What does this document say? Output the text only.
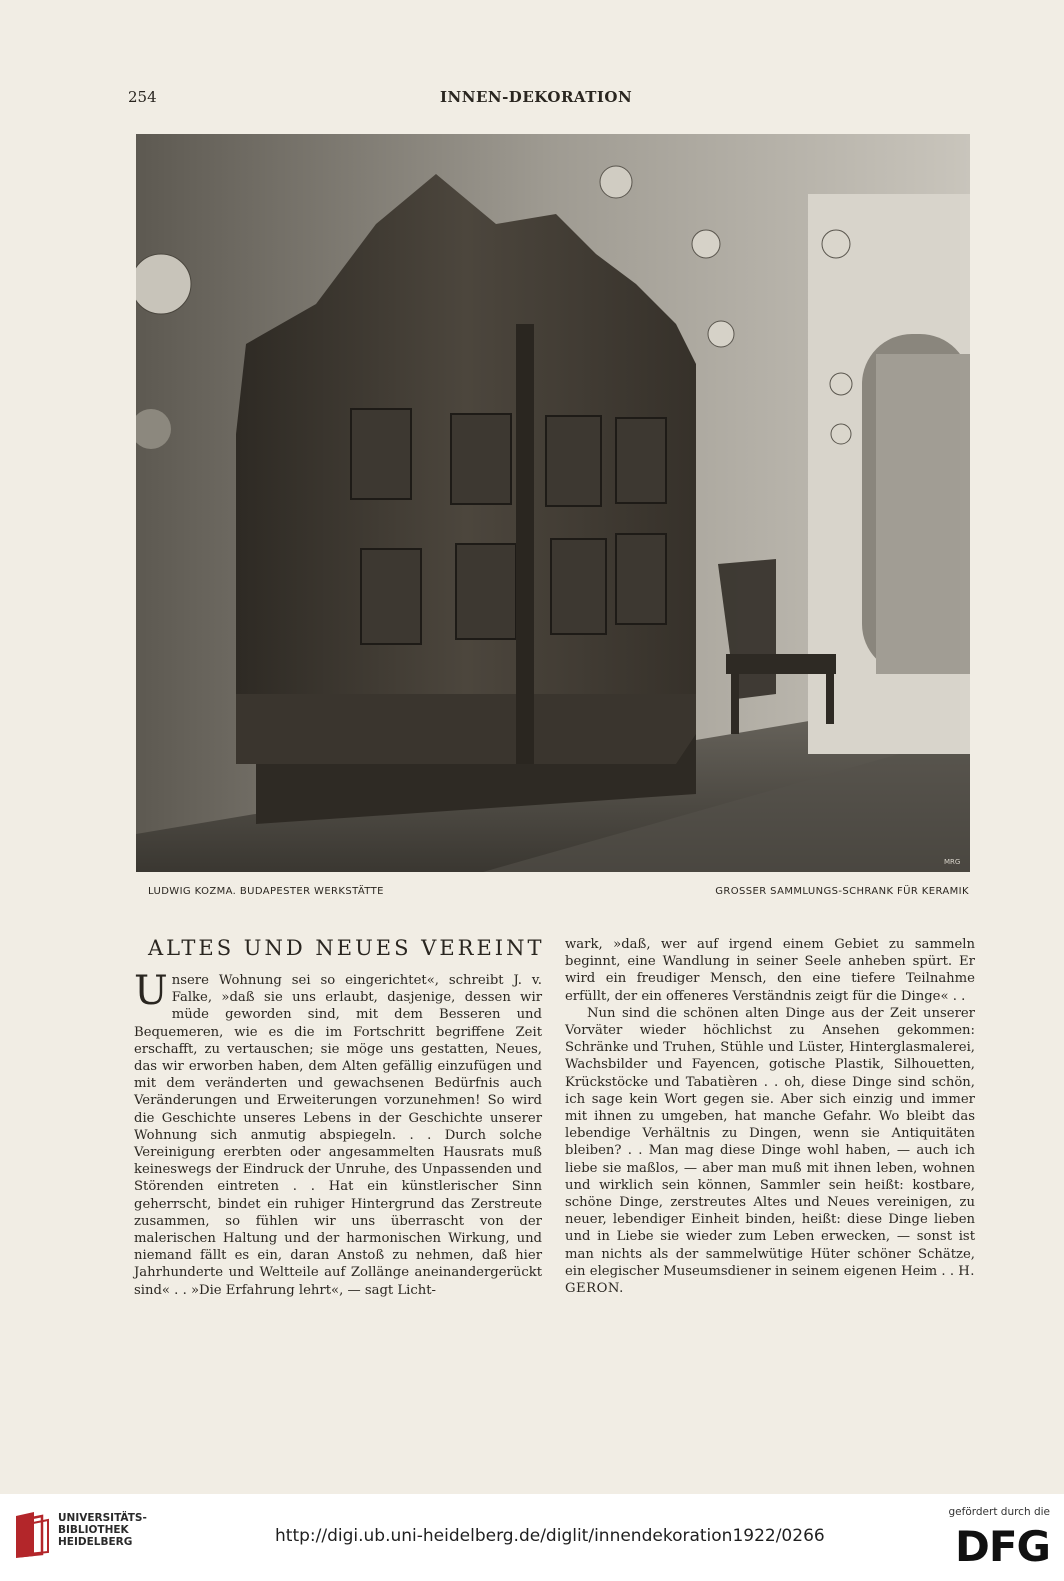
254	INNEN-DEKORATION
MRG
LUDWIG KOZMA. BUDAPESTER WERKSTÄTTE	GROSSER SAMMLUNGS-SCHRANK FÜR KERAMIK
ALTES UND NEUES VEREINT

Unsere Wohnung sei so eingerichtet«, schreibt J. v. Falke, »daß sie uns erlaubt, dasjenige, dessen wir müde geworden sind, mit dem Besseren und Bequemeren, wie es die im Fortschritt begriffene Zeit erschafft, zu vertauschen; sie möge uns gestatten, Neues, das wir erworben haben, dem Alten gefällig einzufügen und mit dem veränderten und gewachsenen Bedürfnis auch Veränderungen und Erweiterungen vorzunehmen! So wird die Geschichte unseres Lebens in der Geschichte unserer Wohnung sich anmutig abspiegeln. . . Durch solche Vereinigung ererbten oder angesammelten Hausrats muß keineswegs der Eindruck der Unruhe, des Unpassenden und Störenden eintreten . . Hat ein künstlerischer Sinn geherrscht, bindet ein ruhiger Hintergrund das Zerstreute zusammen, so fühlen wir uns überrascht von der malerischen Haltung und der harmonischen Wirkung, und niemand fällt es ein, daran Anstoß zu nehmen, daß hier Jahrhunderte und Weltteile auf Zollänge aneinandergerückt sind« . . »Die Erfahrung lehrt«, — sagt Licht-

wark, »daß, wer auf irgend einem Gebiet zu sammeln beginnt, eine Wandlung in seiner Seele anheben spürt. Er wird ein freudiger Mensch, den eine tiefere Teilnahme erfüllt, der ein offeneres Verständnis zeigt für die Dinge« . .

Nun sind die schönen alten Dinge aus der Zeit unserer Vorväter wieder höchlichst zu Ansehen gekommen: Schränke und Truhen, Stühle und Lüster, Hinterglasmalerei, Wachsbilder und Fayencen, gotische Plastik, Silhouetten, Krückstöcke und Tabatièren . . oh, diese Dinge sind schön, ich sage kein Wort gegen sie. Aber sich einzig und immer mit ihnen zu umgeben, hat manche Gefahr. Wo bleibt das lebendige Verhältnis zu Dingen, wenn sie Antiquitäten bleiben? . . Man mag diese Dinge wohl haben, — auch ich liebe sie maßlos, — aber man muß mit ihnen leben, wohnen und wirklich sein können, Sammler sein heißt: kostbare, schöne Dinge, zerstreutes Altes und Neues vereinigen, zu neuer, lebendiger Einheit binden, heißt: diese Dinge lieben und in Liebe sie wieder zum Leben erwecken, — sonst ist man nichts als der sammelwütige Hüter schöner Schätze, ein elegischer Museumsdiener in seinem eigenen Heim . . H. GERON.

UNIVERSITÄTS-
BIBLIOTHEK
HEIDELBERG	http://digi.ub.uni-heidelberg.de/diglit/innendekoration1922/0266
gefördert durch die
DFG
